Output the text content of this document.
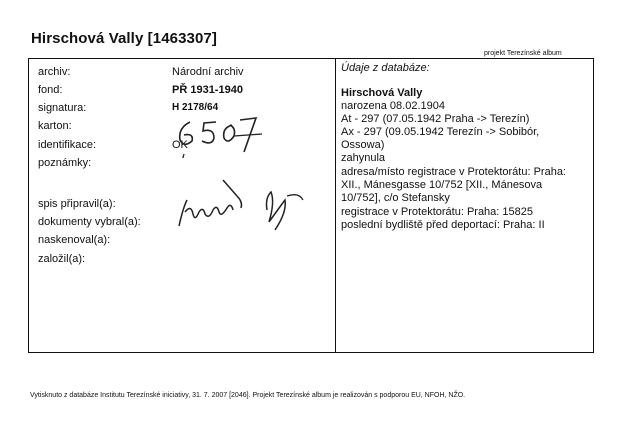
Hirschová Vally [1463307]
projekt Terezínské album
archiv:	Národní archiv
fond:	PŘ 1931-1940
signatura:	H 2178/64
karton:
identifikace:	OK
poznámky:
spis připravil(a):
dokumenty vybral(a):
naskenoval(a):
založil(a):
Údaje z databáze:
Hirschová Vally
narozena 08.02.1904
At - 297 (07.05.1942 Praha -> Terezín)
Ax - 297 (09.05.1942 Terezín -> Sobibór,
Ossowa)
zahynula
adresa/místo registrace v Protektorátu: Praha:
XII., Mánesgasse 10/752 [XII., Mánesova
10/752], c/o Stefansky
registrace v Protektorátu: Praha: 15825
poslední bydliště před deportací: Praha: II
Vytisknuto z databáze Institutu Terezínské iniciativy, 31. 7. 2007 [2046]. Projekt Terezínské album je realizován s podporou EU, NFOH, NŽO.
